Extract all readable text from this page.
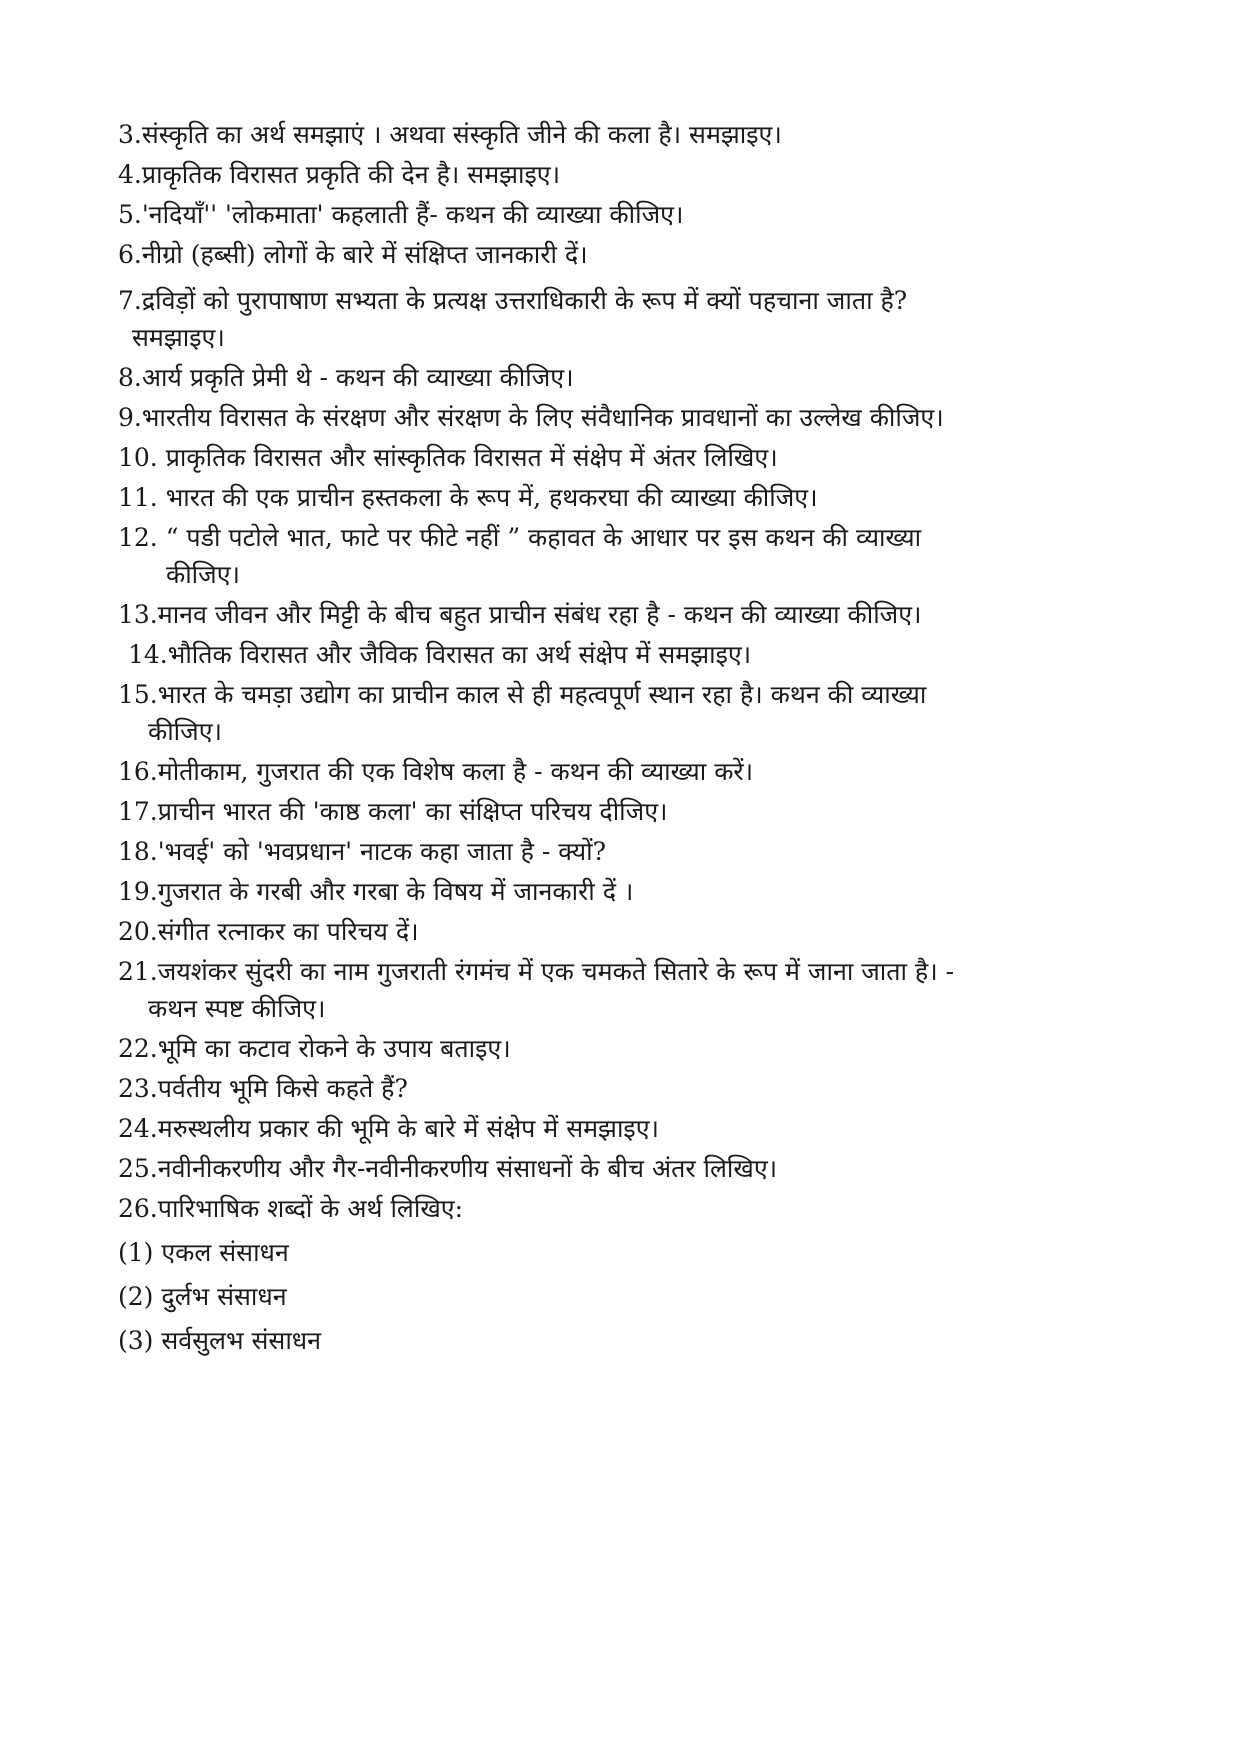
3.संस्कृति का अर्थ समझाएं । अथवा संस्कृति जीने की कला है। समझाइए।

4.प्राकृतिक विरासत प्रकृति की देन है। समझाइए।

5.'नदियाँ'' 'लोकमाता' कहलाती हैं- कथन की व्याख्या कीजिए।

6.नीग्रो (हब्सी) लोगों के बारे में संक्षिप्त जानकारी दें।

7.द्रविड़ों को पुरापाषाण सभ्यता के प्रत्यक्ष उत्तराधिकारी के रूप में क्यों पहचाना जाता है?

समझाइए।

8.आर्य प्रकृति प्रेमी थे - कथन की व्याख्या कीजिए।

9.भारतीय विरासत के संरक्षण और संरक्षण के लिए संवैधानिक प्रावधानों का उल्लेख कीजिए।

10. प्राकृतिक विरासत और सांस्कृतिक विरासत में संक्षेप में अंतर लिखिए।

11. भारत की एक प्राचीन हस्तकला के रूप में, हथकरघा की व्याख्या कीजिए।

12. “ पडी पटोले भात, फाटे पर फीटे नहीं ” कहावत के आधार पर इस कथन की व्याख्या

कीजिए।

13.मानव जीवन और मिट्टी के बीच बहुत प्राचीन संबंध रहा है - कथन की व्याख्या कीजिए।

14.भौतिक विरासत और जैविक विरासत का अर्थ संक्षेप में समझाइए।

15.भारत के चमड़ा उद्योग का प्राचीन काल से ही महत्वपूर्ण स्थान रहा है। कथन की व्याख्या

कीजिए।

16.मोतीकाम, गुजरात की एक विशेष कला है - कथन की व्याख्या करें।

17.प्राचीन भारत की 'काष्ठ कला' का संक्षिप्त परिचय दीजिए।

18.'भवई' को 'भवप्रधान' नाटक कहा जाता है - क्यों?

19.गुजरात के गरबी और गरबा के विषय में जानकारी दें ।

20.संगीत रत्नाकर का परिचय दें।

21.जयशंकर सुंदरी का नाम गुजराती रंगमंच में एक चमकते सितारे के रूप में जाना जाता है। -

कथन स्पष्ट कीजिए।

22.भूमि का कटाव रोकने के उपाय बताइए।

23.पर्वतीय भूमि किसे कहते हैं?

24.मरुस्थलीय प्रकार की भूमि के बारे में संक्षेप में समझाइए।

25.नवीनीकरणीय और गैर-नवीनीकरणीय संसाधनों के बीच अंतर लिखिए।

26.पारिभाषिक शब्दों के अर्थ लिखिए:

(1) एकल संसाधन

(2) दुर्लभ संसाधन

(3) सर्वसुलभ संसाधन
